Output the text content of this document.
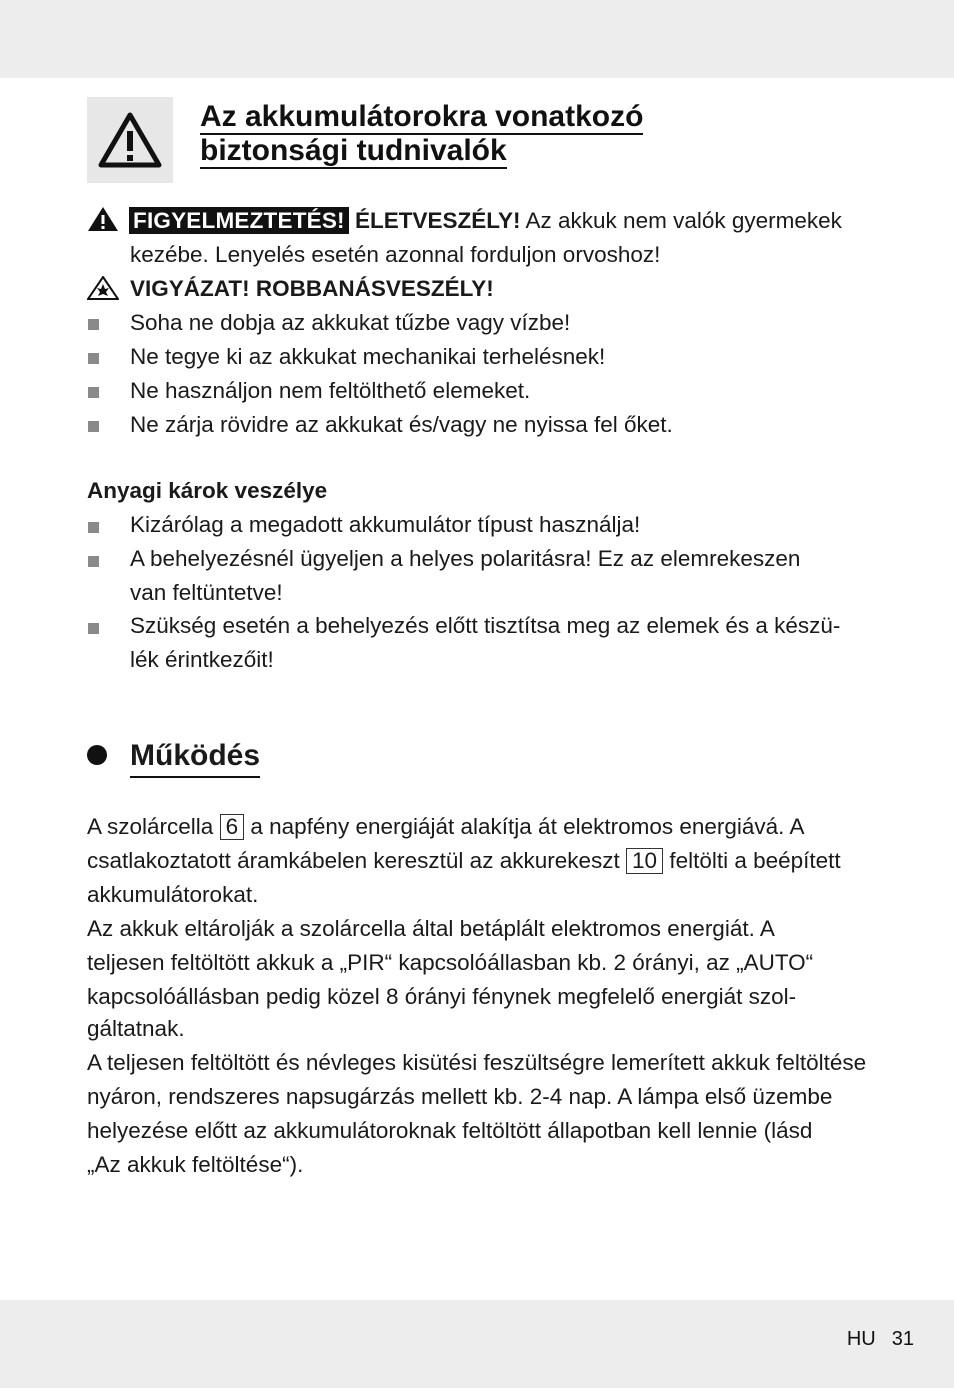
Az akkumulátorokra vonatkozó
biztonsági tudnivalók
FIGYELMEZTETÉS! ÉLETVESZÉLY! Az akkuk nem valók gyermekek
kezébe. Lenyelés esetén azonnal forduljon orvoshoz!
VIGYÁZAT! ROBBANÁSVESZÉLY!
Soha ne dobja az akkukat tűzbe vagy vízbe!
Ne tegye ki az akkukat mechanikai terhelésnek!
Ne használjon nem feltölthető elemeket.
Ne zárja rövidre az akkukat és/vagy ne nyissa fel őket.
Anyagi károk veszélye
Kizárólag a megadott akkumulátor típust használja!
A behelyezésnél ügyeljen a helyes polaritásra! Ez az elemrekeszen
van feltüntetve!
Szükség esetén a behelyezés előtt tisztítsa meg az elemek és a készü-
lék érintkezőit!
Működés
A szolárcella 6 a napfény energiáját alakítja át elektromos energiává. A
csatlakoztatott áramkábelen keresztül az akkurekeszt 10 feltölti a beépített
akkumulátorokat.
Az akkuk eltárolják a szolárcella által betáplált elektromos energiát. A
teljesen feltöltött akkuk a „PIR“ kapcsolóállasban kb. 2 órányi, az „AUTO“
kapcsolóállásban pedig közel 8 órányi fénynek megfelelő energiát szol-
gáltatnak.
A teljesen feltöltött és névleges kisütési feszültségre lemerített akkuk feltöltése
nyáron, rendszeres napsugárzás mellett kb. 2-4 nap. A lámpa első üzembe
helyezése előtt az akkumulátoroknak feltöltött állapotban kell lennie (lásd
„Az akkuk feltöltése“).
HU 31
